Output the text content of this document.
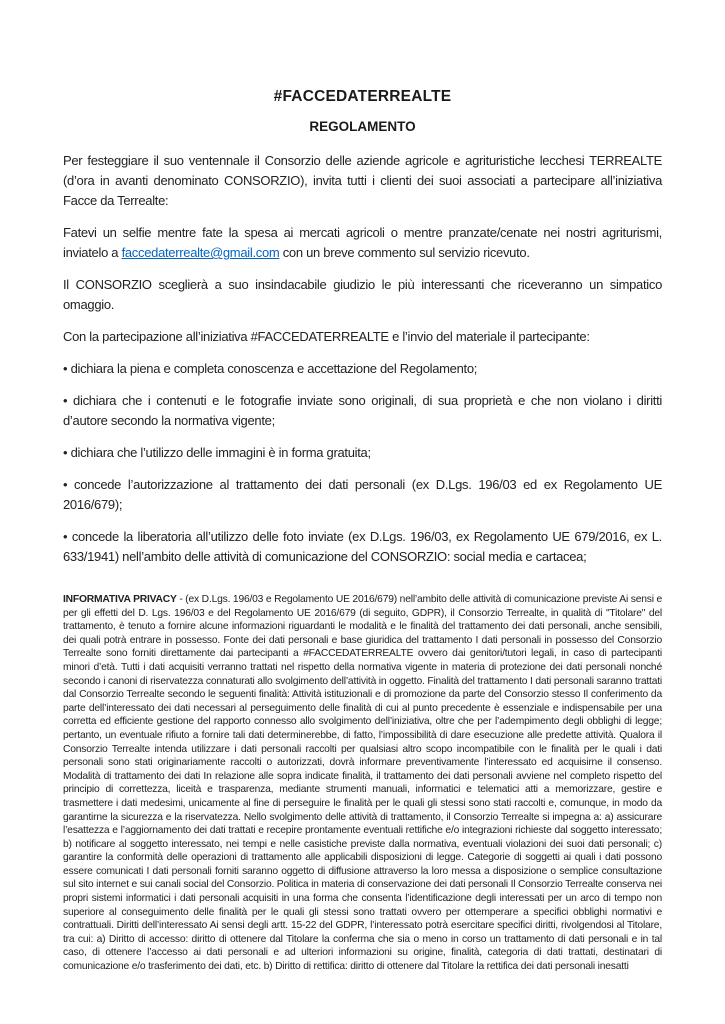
#FACCEDATERREALTE
REGOLAMENTO

Per festeggiare il suo ventennale il Consorzio delle aziende agricole e agrituristiche lecchesi TERREALTE (d’ora in avanti denominato CONSORZIO), invita tutti i clienti dei suoi associati a partecipare all’iniziativa Facce da Terrealte:

Fatevi un selfie mentre fate la spesa ai mercati agricoli o mentre pranzate/cenate nei nostri agriturismi, inviatelo a faccedaterrealte@gmail.com con un breve commento sul servizio ricevuto.

Il CONSORZIO sceglierà a suo insindacabile giudizio le più interessanti che riceveranno un simpatico omaggio.

Con la partecipazione all’iniziativa #FACCEDATERREALTE e l’invio del materiale il partecipante:

• dichiara la piena e completa conoscenza e accettazione del Regolamento;

• dichiara che i contenuti e le fotografie inviate sono originali, di sua proprietà e che non violano i diritti d’autore secondo la normativa vigente;

• dichiara che l’utilizzo delle immagini è in forma gratuita;

• concede l’autorizzazione al trattamento dei dati personali (ex D.Lgs. 196/03 ed ex Regolamento UE 2016/679);

• concede la liberatoria all’utilizzo delle foto inviate (ex D.Lgs. 196/03, ex Regolamento UE 679/2016, ex L. 633/1941) nell’ambito delle attività di comunicazione del CONSORZIO: social media e cartacea;

INFORMATIVA PRIVACY - (ex D.Lgs. 196/03 e Regolamento UE 2016/679) nell’ambito delle attività di comunicazione previste Ai sensi e per gli effetti del D. Lgs. 196/03 e del Regolamento UE 2016/679 (di seguito, GDPR), il Consorzio Terrealte, in qualità di "Titolare" del trattamento, è tenuto a fornire alcune informazioni riguardanti le modalità e le finalità del trattamento dei dati personali, anche sensibili, dei quali potrà entrare in possesso. Fonte dei dati personali e base giuridica del trattamento I dati personali in possesso del Consorzio Terrealte sono forniti direttamente dai partecipanti a #FACCEDATERREALTE ovvero dai genitori/tutori legali, in caso di partecipanti minori d’età. Tutti i dati acquisiti verranno trattati nel rispetto della normativa vigente in materia di protezione dei dati personali nonché secondo i canoni di riservatezza connaturati allo svolgimento dell’attività in oggetto. Finalità del trattamento I dati personali saranno trattati dal Consorzio Terrealte secondo le seguenti finalità: Attività istituzionali e di promozione da parte del Consorzio stesso Il conferimento da parte dell’interessato dei dati necessari al perseguimento delle finalità di cui al punto precedente è essenziale e indispensabile per una corretta ed efficiente gestione del rapporto connesso allo svolgimento dell’iniziativa, oltre che per l’adempimento degli obblighi di legge; pertanto, un eventuale rifiuto a fornire tali dati determinerebbe, di fatto, l’impossibilità di dare esecuzione alle predette attività. Qualora il Consorzio Terrealte intenda utilizzare i dati personali raccolti per qualsiasi altro scopo incompatibile con le finalità per le quali i dati personali sono stati originariamente raccolti o autorizzati, dovrà informare preventivamente l’interessato ed acquisirne il consenso. Modalità di trattamento dei dati In relazione alle sopra indicate finalità, il trattamento dei dati personali avviene nel completo rispetto del principio di correttezza, liceità e trasparenza, mediante strumenti manuali, informatici e telematici atti a memorizzare, gestire e trasmettere i dati medesimi, unicamente al fine di perseguire le finalità per le quali gli stessi sono stati raccolti e, comunque, in modo da garantirne la sicurezza e la riservatezza. Nello svolgimento delle attività di trattamento, il Consorzio Terrealte si impegna a: a) assicurare l’esattezza e l’aggiornamento dei dati trattati e recepire prontamente eventuali rettifiche e/o integrazioni richieste dal soggetto interessato; b) notificare al soggetto interessato, nei tempi e nelle casistiche previste dalla normativa, eventuali violazioni dei suoi dati personali; c) garantire la conformità delle operazioni di trattamento alle applicabili disposizioni di legge. Categorie di soggetti ai quali i dati possono essere comunicati I dati personali forniti saranno oggetto di diffusione attraverso la loro messa a disposizione o semplice consultazione sul sito internet e sui canali social del Consorzio. Politica in materia di conservazione dei dati personali Il Consorzio Terrealte conserva nei propri sistemi informatici i dati personali acquisiti in una forma che consenta l’identificazione degli interessati per un arco di tempo non superiore al conseguimento delle finalità per le quali gli stessi sono trattati ovvero per ottemperare a specifici obblighi normativi e contrattuali. Diritti dell’interessato Ai sensi degli artt. 15-22 del GDPR, l’interessato potrà esercitare specifici diritti, rivolgendosi al Titolare, tra cui: a) Diritto di accesso: diritto di ottenere dal Titolare la conferma che sia o meno in corso un trattamento di dati personali e in tal caso, di ottenere l’accesso ai dati personali e ad ulteriori informazioni su origine, finalità, categoria di dati trattati, destinatari di comunicazione e/o trasferimento dei dati, etc. b) Diritto di rettifica: diritto di ottenere dal Titolare la rettifica dei dati personali inesatti
